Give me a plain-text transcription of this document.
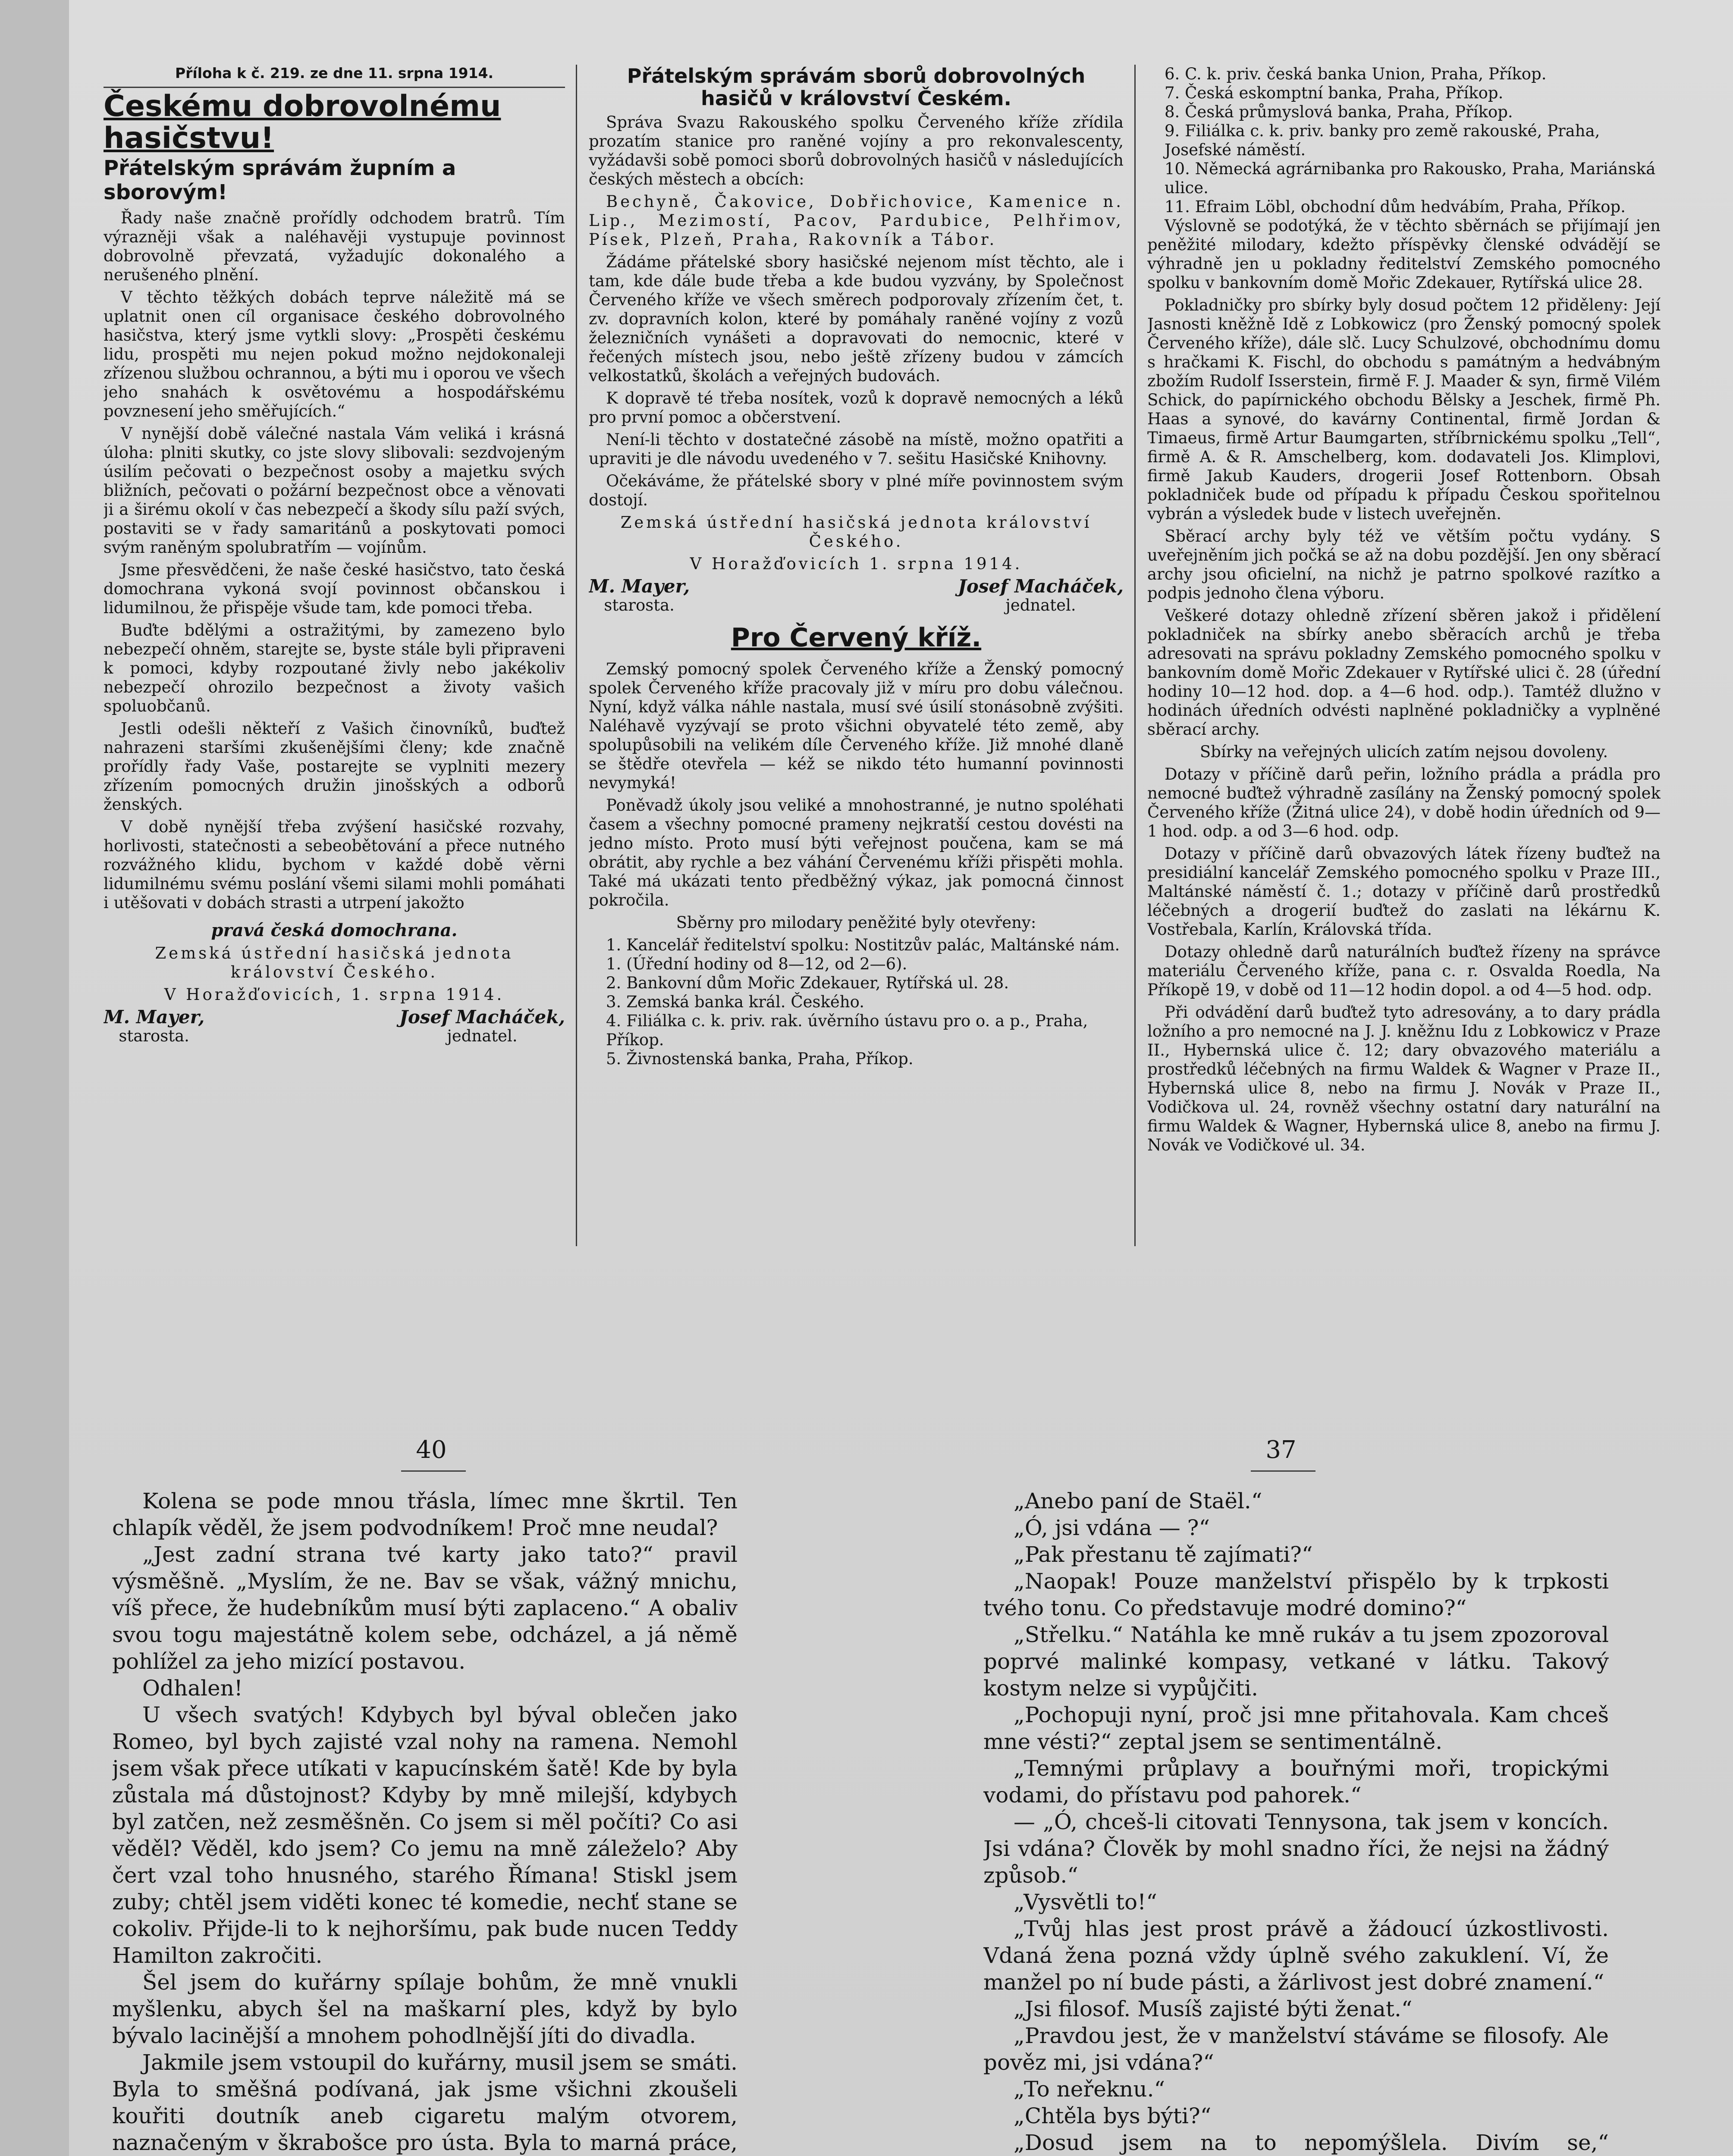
Příloha k č. 219. ze dne 11. srpna 1914.
Českému dobrovolnému hasičstvu!
Přátelským správám župním a sborovým!

Řady naše značně prořídly odchodem bratrů. Tím výrazněji však a naléhavěji vystupuje povinnost dobrovolně převzatá, vyžadujíc dokonalého a nerušeného plnění.

V těchto těžkých dobách teprve náležitě má se uplatnit onen cíl organisace českého dobrovolného hasičstva, který jsme vytkli slovy: „Prospěti českému lidu, prospěti mu nejen pokud možno nejdokonaleji zřízenou službou ochrannou, a býti mu i oporou ve všech jeho snahách k osvětovému a hospodářskému povznesení jeho směřujících.“

V nynější době válečné nastala Vám veliká i krásná úloha: plniti skutky, co jste slovy slibovali: sezdvojeným úsilím pečovati o bezpečnost osoby a majetku svých bližních, pečovati o požární bezpečnost obce a věnovati ji a širému okolí v čas nebezpečí a škody sílu paží svých, postaviti se v řady samaritánů a poskytovati pomoci svým raněným spolubratřím — vojínům.

Jsme přesvědčeni, že naše české hasičstvo, tato česká domochrana vykoná svojí povinnost občanskou i lidumilnou, že přispěje všude tam, kde pomoci třeba.

Buďte bdělými a ostražitými, by zamezeno bylo nebezpečí ohněm, starejte se, byste stále byli připraveni k pomoci, kdyby rozpoutané živly nebo jakékoliv nebezpečí ohrozilo bezpečnost a životy vašich spoluobčanů.

Jestli odešli někteří z Vašich činovníků, buďtež nahrazeni staršími zkušenějšími členy; kde značně prořídly řady Vaše, postarejte se vyplniti mezery zřízením pomocných družin jinošských a odborů ženských.

V době nynější třeba zvýšení hasičské rozvahy, horlivosti, statečnosti a sebeobětování a přece nutného rozvážného klidu, bychom v každé době věrni lidumilnému svému poslání všemi silami mohli pomáhati i utěšovati v dobách strasti a utrpení jakožto

pravá česká domochrana.

Zemská ústřední hasičská jednota království Českého.

V Horažďovicích, 1. srpna 1914.

M. Mayer,
starosta.
Josef Macháček,
jednatel.
Přátelským správám sborů dobrovolných hasičů v království Českém.

Správa Svazu Rakouského spolku Červeného kříže zřídila prozatím stanice pro raněné vojíny a pro rekonvalescenty, vyžádavši sobě pomoci sborů dobrovolných hasičů v následujících českých městech a obcích:

Bechyně, Čakovice, Dobřichovice, Kamenice n. Lip., Mezimostí, Pacov, Pardubice, Pelhřimov, Písek, Plzeň, Praha, Rakovník a Tábor.

Žádáme přátelské sbory hasičské nejenom míst těchto, ale i tam, kde dále bude třeba a kde budou vyzvány, by Společnost Červeného kříže ve všech směrech podporovaly zřízením čet, t. zv. dopravních kolon, které by pomáhaly raněné vojíny z vozů železničních vynášeti a dopravovati do nemocnic, které v řečených místech jsou, nebo ještě zřízeny budou v zámcích velkostatků, školách a veřejných budovách.

K dopravě té třeba nosítek, vozů k dopravě nemocných a léků pro první pomoc a občerstvení.

Není-li těchto v dostatečné zásobě na místě, možno opatřiti a upraviti je dle návodu uvedeného v 7. sešitu Hasičské Knihovny.

Očekáváme, že přátelské sbory v plné míře povinnostem svým dostojí.

Zemská ústřední hasičská jednota království Českého.

V Horažďovicích 1. srpna 1914.

M. Mayer,
starosta.
Josef Macháček,
jednatel.
Pro Červený kříž.

Zemský pomocný spolek Červeného kříže a Ženský pomocný spolek Červeného kříže pracovaly již v míru pro dobu válečnou. Nyní, když válka náhle nastala, musí své úsilí stonásobně zvýšiti. Naléhavě vyzývají se proto všichni obyvatelé této země, aby spolupůsobili na velikém díle Červeného kříže. Již mnohé dlaně se štědře otevřela — kéž se nikdo této humanní povinnosti nevymyká!

Poněvadž úkoly jsou veliké a mnohostranné, je nutno spoléhati časem a všechny pomocné prameny nejkratší cestou dovésti na jedno místo. Proto musí býti veřejnost poučena, kam se má obrátit, aby rychle a bez váhání Červenému kříži přispěti mohla. Také má ukázati tento předběžný výkaz, jak pomocná činnost pokročila.

Sběrny pro milodary peněžité byly otevřeny:

1. Kancelář ředitelství spolku: Nostitzův palác, Maltánské nám. 1. (Úřední hodiny od 8—12, od 2—6).
2. Bankovní dům Mořic Zdekauer, Rytířská ul. 28.
3. Zemská banka král. Českého.
4. Filiálka c. k. priv. rak. úvěrního ústavu pro o. a p., Praha, Příkop.
5. Živnostenská banka, Praha, Příkop.
6. C. k. priv. česká banka Union, Praha, Příkop.
7. Česká eskomptní banka, Praha, Příkop.
8. Česká průmyslová banka, Praha, Příkop.
9. Filiálka c. k. priv. banky pro země rakouské, Praha, Josefské náměstí.
10. Německá agrárnibanka pro Rakousko, Praha, Mariánská ulice.
11. Efraim Löbl, obchodní dům hedvábím, Praha, Příkop.

Výslovně se podotýká, že v těchto sběrnách se přijímají jen peněžité milodary, kdežto příspěvky členské odvádějí se výhradně jen u pokladny ředitelství Zemského pomocného spolku v bankovním domě Mořic Zdekauer, Rytířská ulice 28.

Pokladničky pro sbírky byly dosud počtem 12 přiděleny: Její Jasnosti kněžně Idě z Lobkowicz (pro Ženský pomocný spolek Červeného kříže), dále slč. Lucy Schulzové, obchodnímu domu s hračkami K. Fischl, do obchodu s památným a hedvábným zbožím Rudolf Isserstein, firmě F. J. Maader & syn, firmě Vilém Schick, do papírnického obchodu Bělsky a Jeschek, firmě Ph. Haas a synové, do kavárny Continental, firmě Jordan & Timaeus, firmě Artur Baumgarten, stříbrnickému spolku „Tell“, firmě A. & R. Amschelberg, kom. dodavateli Jos. Klimplovi, firmě Jakub Kauders, drogerii Josef Rottenborn. Obsah pokladniček bude od případu k případu Českou spořitelnou vybrán a výsledek bude v listech uveřejněn.

Sběrací archy byly též ve větším počtu vydány. S uveřejněním jich počká se až na dobu pozdější. Jen ony sběrací archy jsou oficielní, na nichž je patrno spolkové razítko a podpis jednoho člena výboru.

Veškeré dotazy ohledně zřízení sběren jakož i přidělení pokladniček na sbírky anebo sběracích archů je třeba adresovati na správu pokladny Zemského pomocného spolku v bankovním domě Mořic Zdekauer v Rytířské ulici č. 28 (úřední hodiny 10—12 hod. dop. a 4—6 hod. odp.). Tamtéž dlužno v hodinách úředních odvésti naplněné pokladničky a vyplněné sběrací archy.

Sbírky na veřejných ulicích zatím nejsou dovoleny.

Dotazy v příčině darů peřin, ložního prádla a prádla pro nemocné buďtež výhradně zasílány na Ženský pomocný spolek Červeného kříže (Žitná ulice 24), v době hodin úředních od 9—1 hod. odp. a od 3—6 hod. odp.

Dotazy v příčině darů obvazových látek řízeny buďtež na presidiální kancelář Zemského pomocného spolku v Praze III., Maltánské náměstí č. 1.; dotazy v příčině darů prostředků léčebných a drogerií buďtež do zaslati na lékárnu K. Vostřebala, Karlín, Královská třída.

Dotazy ohledně darů naturálních buďtež řízeny na správce materiálu Červeného kříže, pana c. r. Osvalda Roedla, Na Příkopě 19, v době od 11—12 hodin dopol. a od 4—5 hod. odp.

Při odvádění darů buďtež tyto adresovány, a to dary prádla ložního a pro nemocné na J. J. kněžnu Idu z Lobkowicz v Praze II., Hybernská ulice č. 12; dary obvazového materiálu a prostředků léčebných na firmu Waldek & Wagner v Praze II., Hybernská ulice 8, nebo na firmu J. Novák v Praze II., Vodičkova ul. 24, rovněž všechny ostatní dary naturální na firmu Waldek & Wagner, Hybernská ulice 8, anebo na firmu J. Novák ve Vodičkové ul. 34.

40	37

Kolena se pode mnou třásla, límec mne škrtil. Ten chlapík věděl, že jsem podvodníkem! Proč mne neudal?

„Jest zadní strana tvé karty jako tato?“ pravil výsměšně. „Myslím, že ne. Bav se však, vážný mnichu, víš přece, že hudebníkům musí býti zaplaceno.“ A obaliv svou togu majestátně kolem sebe, odcházel, a já němě pohlížel za jeho mizící postavou.

Odhalen!

U všech svatých! Kdybych byl býval oblečen jako Romeo, byl bych zajisté vzal nohy na ramena. Nemohl jsem však přece utíkati v kapucínském šatě! Kde by byla zůstala má důstojnost? Kdyby by mně milejší, kdybych byl zatčen, než zesměšněn. Co jsem si měl počíti? Co asi věděl? Věděl, kdo jsem? Co jemu na mně záleželo? Aby čert vzal toho hnusného, starého Římana! Stiskl jsem zuby; chtěl jsem viděti konec té komedie, nechť stane se cokoliv. Přijde-li to k nejhoršímu, pak bude nucen Teddy Hamilton zakročiti.

Šel jsem do kuřárny spílaje bohům, že mně vnukli myšlenku, abych šel na maškarní ples, když by bylo bývalo lacinější a mnohem pohodlnější jíti do divadla.

Jakmile jsem vstoupil do kuřárny, musil jsem se smáti. Byla to směšná podívaná, jak jsme všichni zkoušeli kouřiti doutník aneb cigaretu malým otvorem, naznačeným v škrabošce pro ústa. Byla to marná práce,

„Anebo paní de Staël.“

„Ó, jsi vdána — ?“

„Pak přestanu tě zajímati?“

„Naopak! Pouze manželství přispělo by k trpkosti tvého tonu. Co představuje modré domino?“

„Střelku.“ Natáhla ke mně rukáv a tu jsem zpozoroval poprvé malinké kompasy, vetkané v látku. Takový kostym nelze si vypůjčiti.

„Pochopuji nyní, proč jsi mne přitahovala. Kam chceš mne vésti?“ zeptal jsem se sentimentálně.

„Temnými průplavy a bouřnými moři, tropickými vodami, do přístavu pod pahorek.“

— „Ó, chceš-li citovati Tennysona, tak jsem v koncích. Jsi vdána? Člověk by mohl snadno říci, že nejsi na žádný způsob.“

„Vysvětli to!“

„Tvůj hlas jest prost právě a žádoucí úzkostlivosti. Vdaná žena pozná vždy úplně svého zakuklení. Ví, že manžel po ní bude pásti, a žárlivost jest dobré znamení.“

„Jsi filosof. Musíš zajisté býti ženat.“

„Pravdou jest, že v manželství stáváme se filosofy. Ale pověz mi, jsi vdána?“

„To neřeknu.“

„Chtěla bys býti?“

„Dosud jsem na to nepomýšlela. Divím se,“
